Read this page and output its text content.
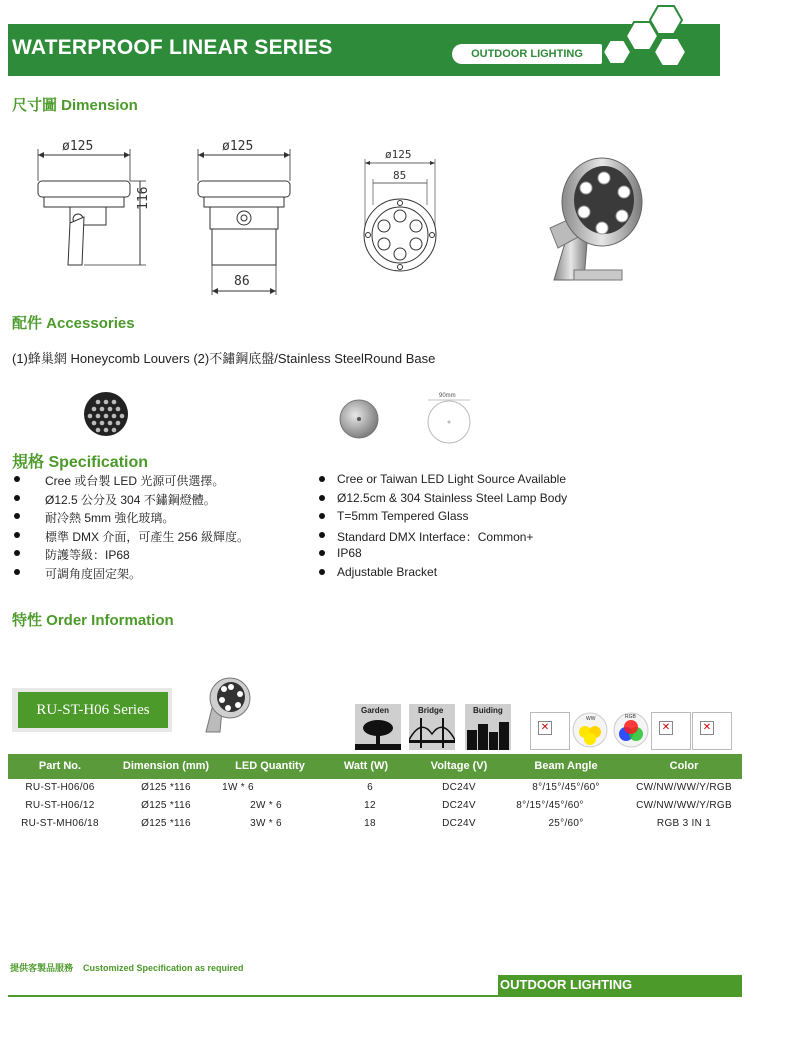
WATERPROOF LINEAR SERIES	OUTDOOR LIGHTING
尺寸圖 Dimension
ø125
116
ø125
86
ø125
85
配件 Accessories
(1)蜂巢網 Honeycomb Louvers (2)不鏽鋼底盤/Stainless SteelRound Base
90mm
規格 Specification
Cree 或台製 LED 光源可供選擇。
Ø12.5 公分及 304 不鏽鋼燈體。
耐冷熱 5mm 強化玻璃。
標準 DMX 介面，可產生 256 級輝度。
防護等級：IP68
可調角度固定架。
Cree or Taiwan LED Light Source Available
Ø12.5cm & 304 Stainless Steel Lamp Body
T=5mm Tempered Glass
Standard DMX Interface：Common+
IP68
Adjustable Bracket
特性 Order Information
RU-ST-H06 Series	Garden	Bridge	Buiding
✕
WW	RGB
✕	✕
Part No.	Dimension (mm)	LED Quantity	Watt (W)	Voltage (V)	Beam Angle	Color
RU-ST-H06/06	Ø125 *116	1W * 6	6	DC24V	8°/15°/45°/60°	CW/NW/WW/Y/RGB
RU-ST-H06/12	Ø125 *116	2W * 6	12	DC24V	8°/15°/45°/60°	CW/NW/WW/Y/RGB
RU-ST-MH06/18	Ø125 *116	3W * 6	18	DC24V	25°/60°	RGB 3 IN 1
提供客製品服務    Customized Specification as required
OUTDOOR LIGHTING
